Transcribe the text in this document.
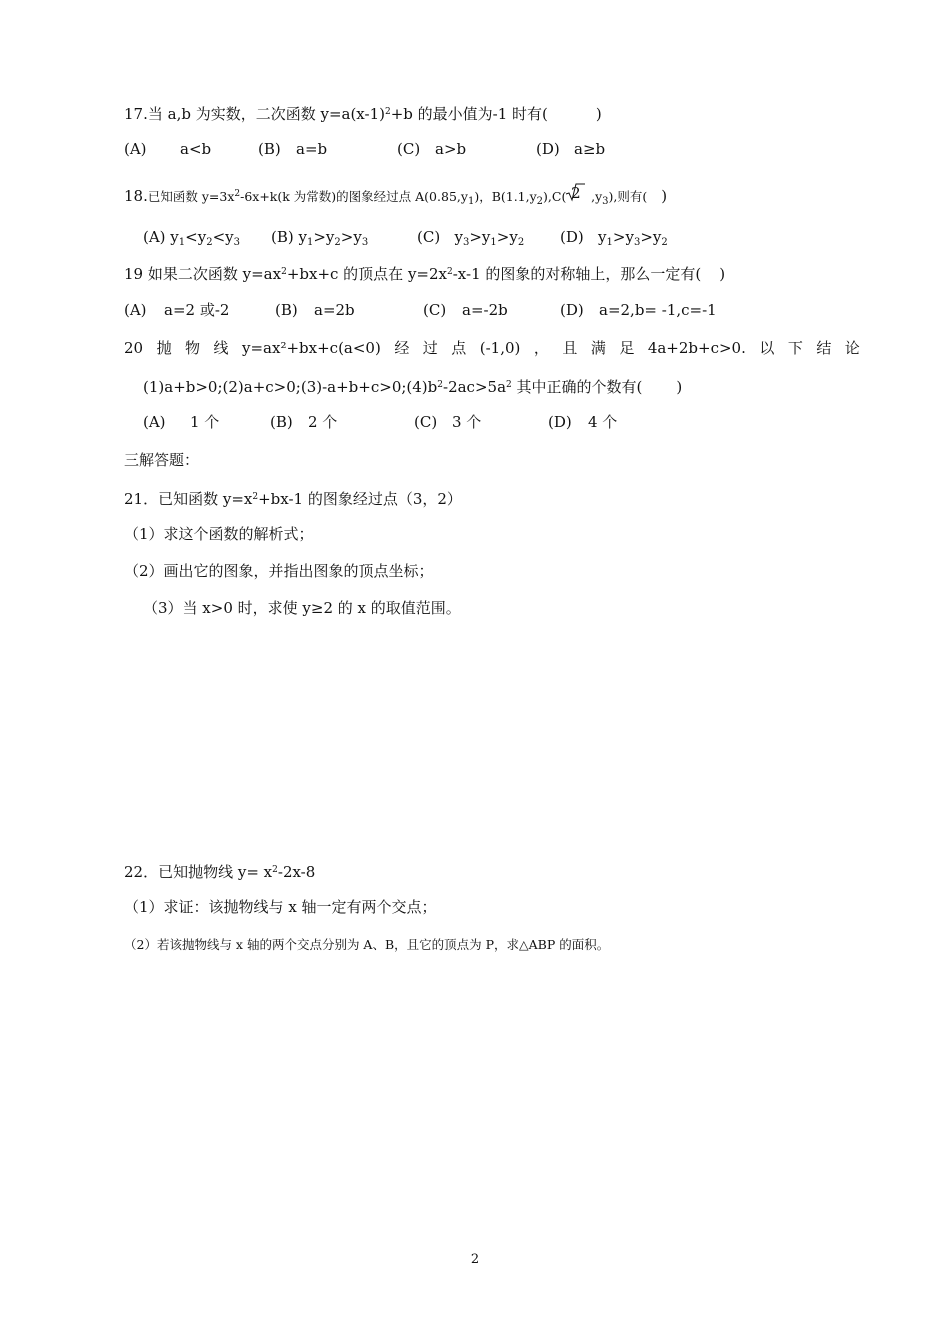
17.当 a,b 为实数，二次函数 $y=a(x-1)^2+b$ 的最小值为-1 时有(	)
(A) a<b	(B) a=b	(C) a>b	(D) a≥b
18.已知函数 $y=3x^2-6x+k(k$ 为常数)的图象经过点 $A(0.85,y_1)$，$B(1.1,y_2),C$( 2 $,y_3$),则有( )
(A) $y_1<y_2<y_3$ (B) $y_1>y_2>y_3$	(C)   $y_3>y_1>y_2$ (D)   $y_1>y_3>y_2$
19 如果二次函数 $y=ax^2+bx+c$ 的顶点在 $y=2x^2-x-1$ 的图象的对称轴上，那么一定有( )
(A) a=2 或-2	(B) a=2b	(C) a=-2b	(D) a=2,b= -1,c=-1
20 抛 物 线 y=ax²+bx+c(a<0) 经 过 点 (-1,0) ， 且 满 足 4a+2b+c>0. 以 下 结 论
$(1)a+b>0;(2)a+c>0;(3)-a+b+c>0;(4)b^2-2ac>5a^2$ 其中正确的个数有( )
(A) 1 个	(B) 2 个	(C) 3 个	(D) 4 个
三解答题：
21．已知函数 $y=x^2+bx-1$ 的图象经过点（3，2）
（1）求这个函数的解析式；
（2）画出它的图象，并指出图象的顶点坐标；
（3）当 x>0 时，求使 y≥2 的 x 的取值范围。
22．已知抛物线 $y= x^2-2x-8$
（1）求证：该抛物线与 x 轴一定有两个交点；
（2）若该抛物线与 x 轴的两个交点分别为 A、B，且它的顶点为 P，求△ABP 的面积。
2
